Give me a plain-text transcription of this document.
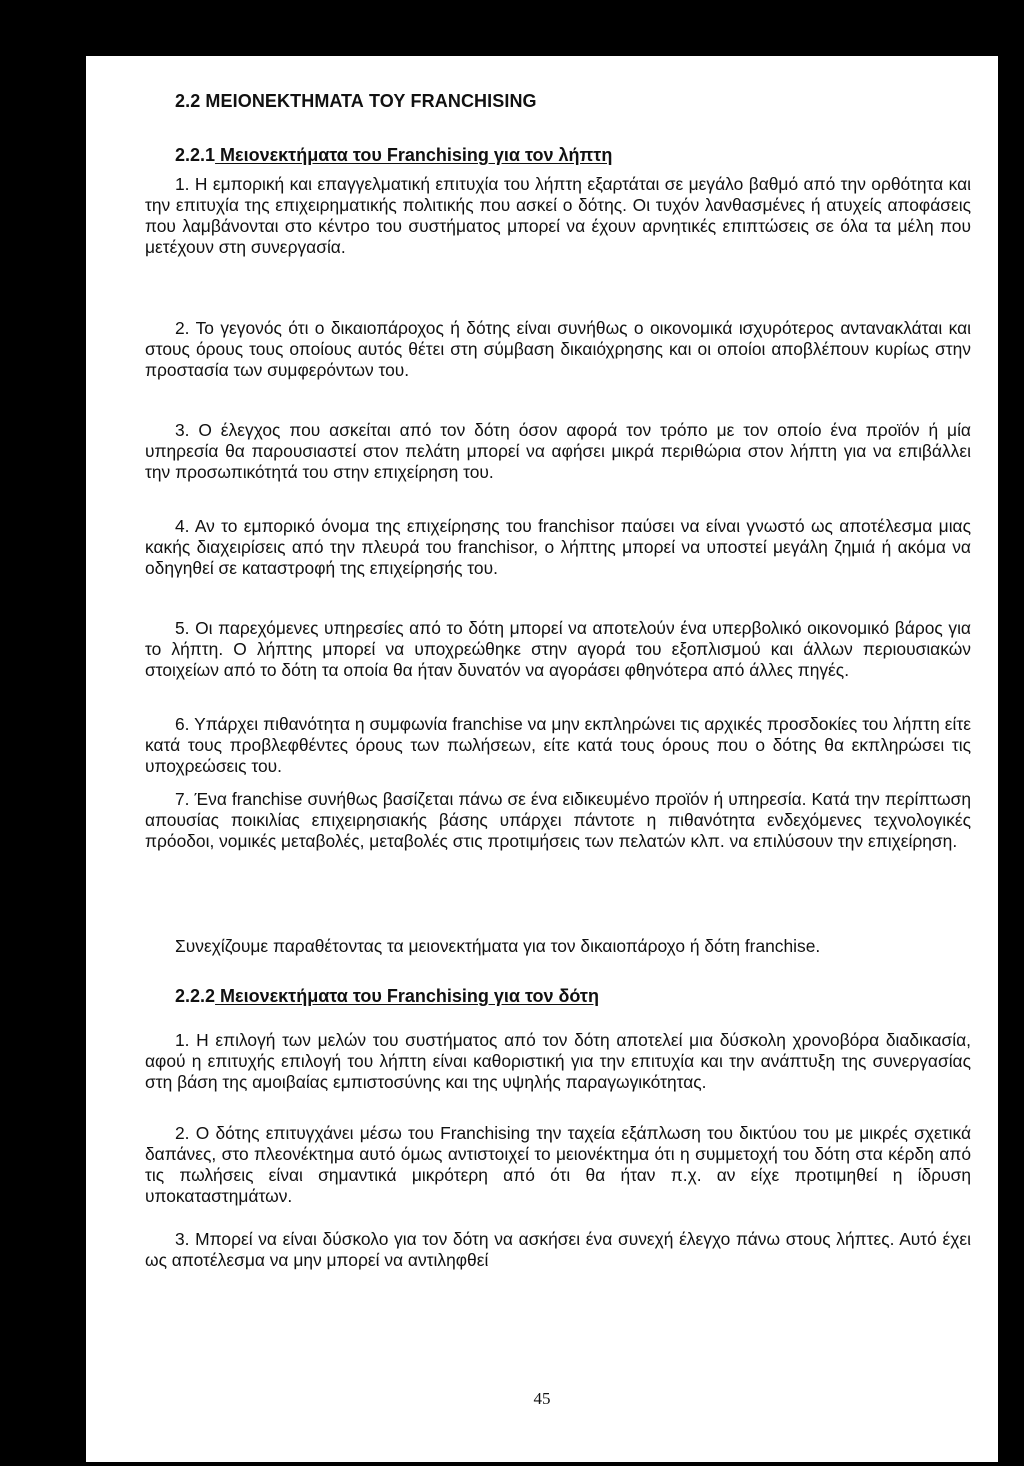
2.2 ΜΕΙΟΝΕΚΤΗΜΑΤΑ ΤΟΥ FRANCHISING
2.2.1 Μειονεκτήματα του Franchising για τον λήπτη

1. Η εμπορική και επαγγελματική επιτυχία του λήπτη εξαρτάται σε μεγάλο βαθμό από την ορθότητα και την επιτυχία της επιχειρηματικής πολιτικής που ασκεί ο δότης. Οι τυχόν λανθασμένες ή ατυχείς αποφάσεις που λαμβάνονται στο κέντρο του συστήματος μπορεί να έχουν αρνητικές επιπτώσεις σε όλα τα μέλη που μετέχουν στη συνεργασία.

2. Το γεγονός ότι ο δικαιοπάροχος ή δότης είναι συνήθως ο οικονομικά ισχυρότερος αντανακλάται και στους όρους τους οποίους αυτός θέτει στη σύμβαση δικαιόχρησης και οι οποίοι αποβλέπουν κυρίως στην προστασία των συμφερόντων του.

3. Ο έλεγχος που ασκείται από τον δότη όσον αφορά τον τρόπο με τον οποίο ένα προϊόν ή μία υπηρεσία θα παρουσιαστεί στον πελάτη μπορεί να αφήσει μικρά περιθώρια στον λήπτη για να επιβάλλει την προσωπικότητά του στην επιχείρηση του.

4. Αν το εμπορικό όνομα της επιχείρησης του franchisor παύσει να είναι γνωστό ως αποτέλεσμα μιας κακής διαχειρίσεις από την πλευρά του franchisor, ο λήπτης μπορεί να υποστεί μεγάλη ζημιά ή ακόμα να οδηγηθεί σε καταστροφή της επιχείρησής του.

5. Οι παρεχόμενες υπηρεσίες από το δότη μπορεί να αποτελούν ένα υπερβολικό οικονομικό βάρος για το λήπτη. Ο λήπτης μπορεί να υποχρεώθηκε στην αγορά του εξοπλισμού και άλλων περιουσιακών στοιχείων από το δότη τα οποία θα ήταν δυνατόν να αγοράσει φθηνότερα από άλλες πηγές.

6. Υπάρχει πιθανότητα η συμφωνία franchise να μην εκπληρώνει τις αρχικές προσδοκίες του λήπτη είτε κατά τους προβλεφθέντες όρους των πωλήσεων, είτε κατά τους όρους που ο δότης θα εκπληρώσει τις υποχρεώσεις του.

7. Ένα franchise συνήθως βασίζεται πάνω σε ένα ειδικευμένο προϊόν ή υπηρεσία. Κατά την περίπτωση απουσίας ποικιλίας επιχειρησιακής βάσης υπάρχει πάντοτε η πιθανότητα ενδεχόμενες τεχνολογικές πρόοδοι, νομικές μεταβολές, μεταβολές στις προτιμήσεις των πελατών κλπ. να επιλύσουν την επιχείρηση.

Συνεχίζουμε παραθέτοντας τα μειονεκτήματα για τον δικαιοπάροχο ή δότη franchise.

2.2.2 Μειονεκτήματα του Franchising για τον δότη

1. Η επιλογή των μελών του συστήματος από τον δότη αποτελεί μια δύσκολη χρονοβόρα διαδικασία, αφού η επιτυχής επιλογή του λήπτη είναι καθοριστική για την επιτυχία και την ανάπτυξη της συνεργασίας στη βάση της αμοιβαίας εμπιστοσύνης και της υψηλής παραγωγικότητας.

2. Ο δότης επιτυγχάνει μέσω του Franchising την ταχεία εξάπλωση του δικτύου του με μικρές σχετικά δαπάνες, στο πλεονέκτημα αυτό όμως αντιστοιχεί το μειονέκτημα ότι η συμμετοχή του δότη στα κέρδη από τις πωλήσεις είναι σημαντικά μικρότερη από ότι θα ήταν π.χ. αν είχε προτιμηθεί η ίδρυση υποκαταστημάτων.

3. Μπορεί να είναι δύσκολο για τον δότη να ασκήσει ένα συνεχή έλεγχο πάνω στους λήπτες. Αυτό έχει ως αποτέλεσμα να μην μπορεί να αντιληφθεί

45
